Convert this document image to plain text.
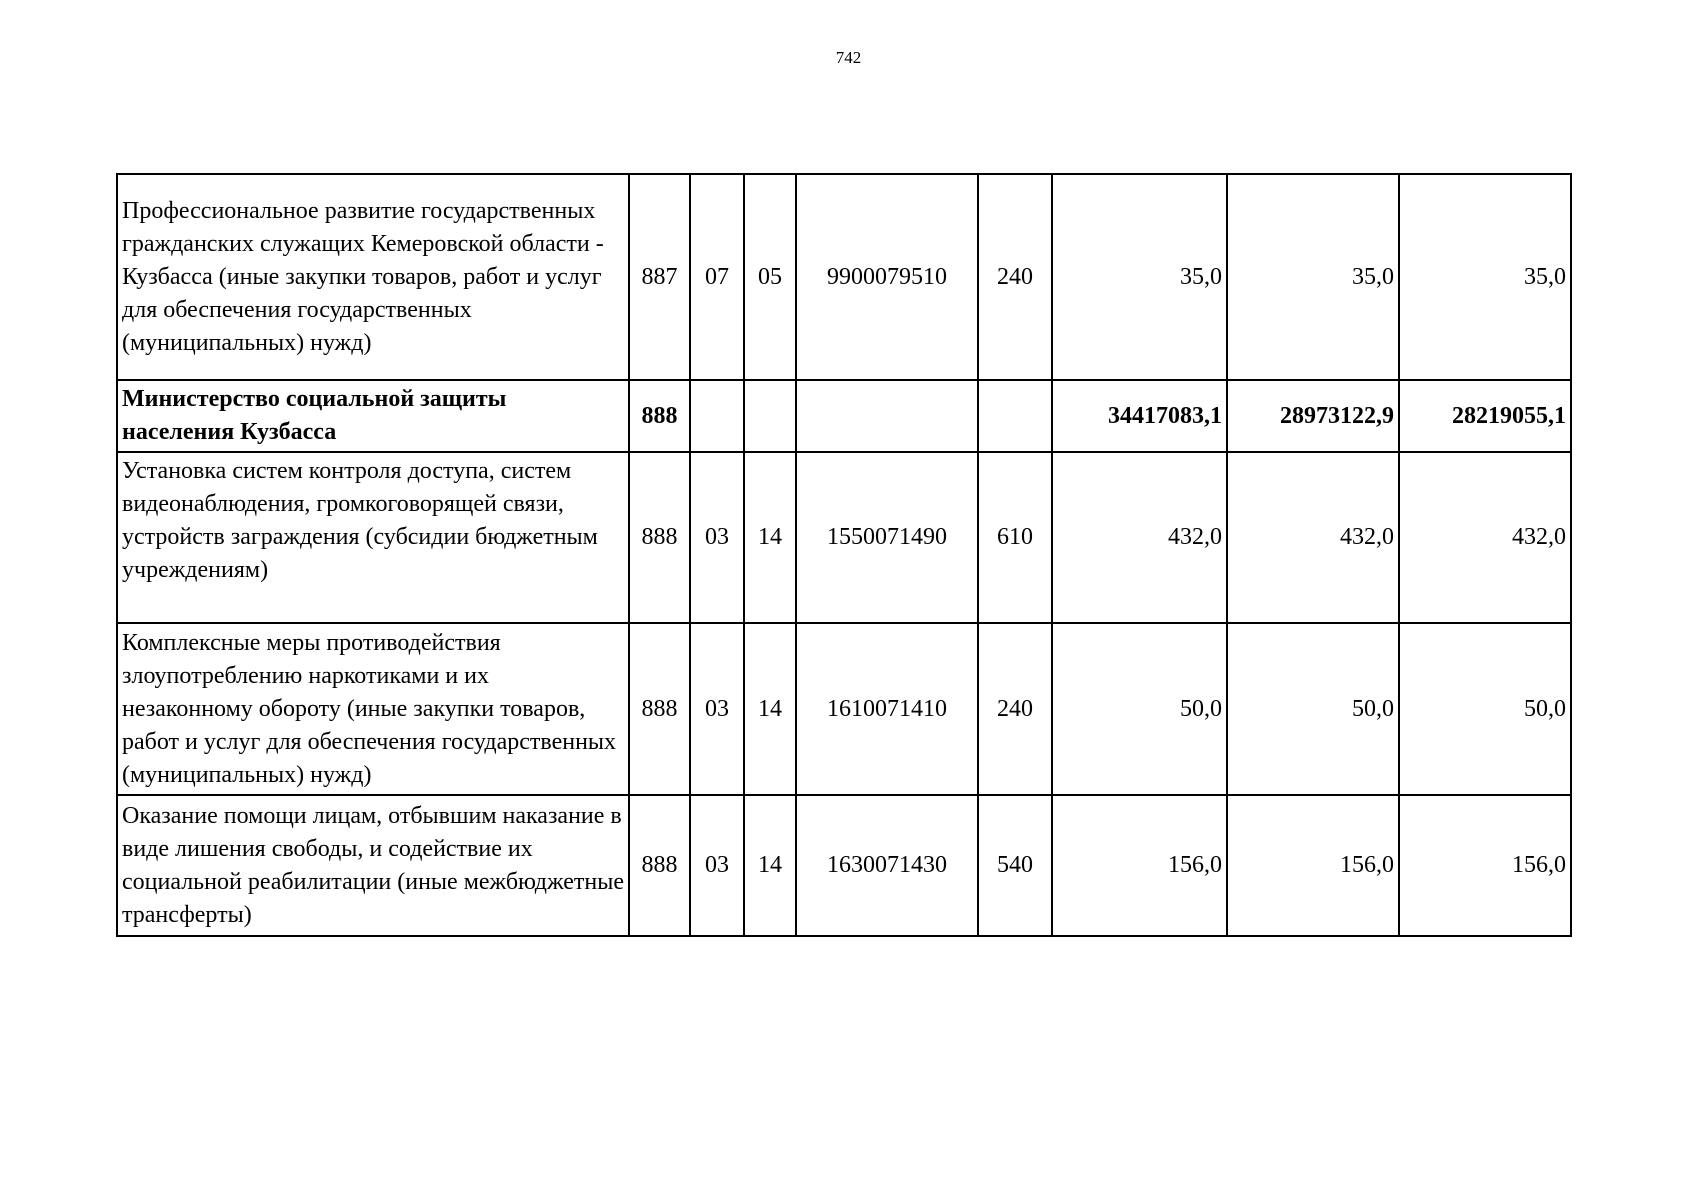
742
Профессиональное развитие государственных гражданских служащих Кемеровской области - Кузбасса (иные закупки товаров, работ и услуг для обеспечения государственных (муниципальных) нужд)	887	07	05	9900079510	240	35,0	35,0	35,0
Министерство социальной защиты населения Кузбасса	888					34417083,1	28973122,9	28219055,1
Установка систем контроля доступа, систем видеонаблюдения, громкоговорящей связи, устройств заграждения (субсидии бюджетным учреждениям)	888	03	14	1550071490	610	432,0	432,0	432,0
Комплексные меры противодействия злоупотреблению наркотиками и их незаконному обороту (иные закупки товаров, работ и услуг для обеспечения государственных (муниципальных) нужд)	888	03	14	1610071410	240	50,0	50,0	50,0
Оказание помощи лицам, отбывшим наказание в виде лишения свободы, и содействие их социальной реабилитации (иные межбюджетные трансферты)	888	03	14	1630071430	540	156,0	156,0	156,0
